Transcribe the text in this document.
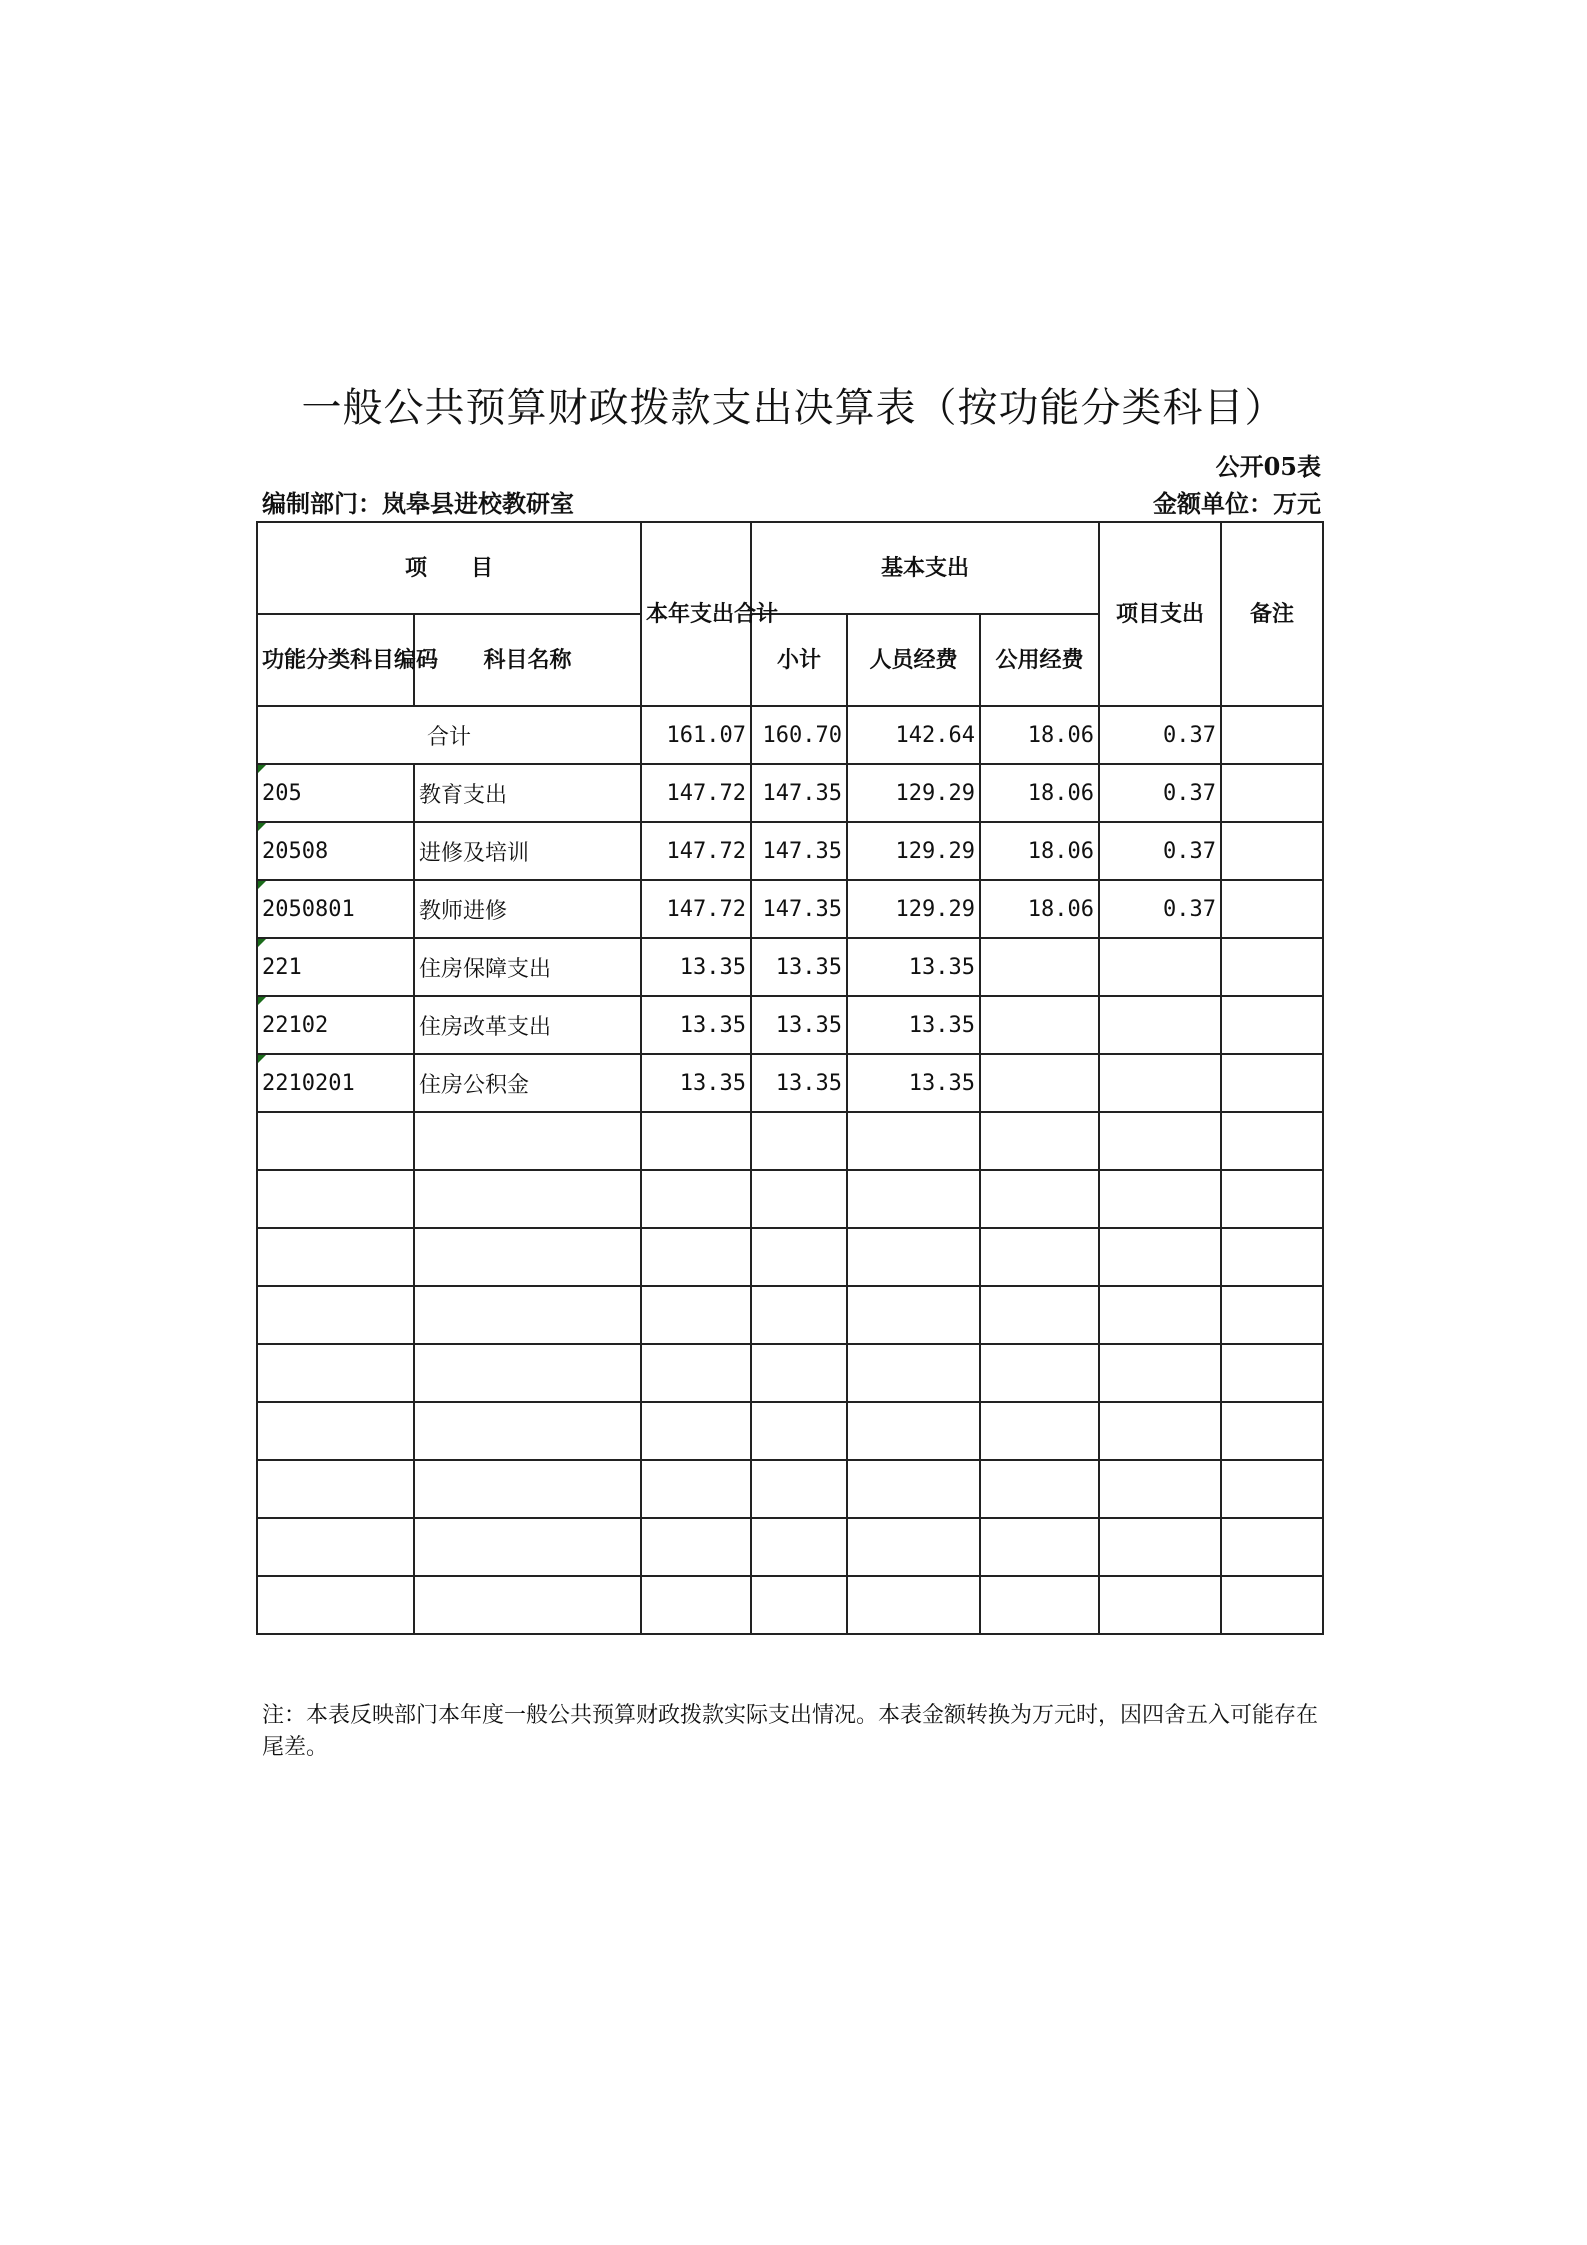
一般公共预算财政拨款支出决算表（按功能分类科目）
公开05表
编制部门：岚皋县进校教研室	金额单位：万元
项　　目		本年支出合计	基本支出			项目支出	备注
功能分类科目编码	科目名称		小计	人员经费	公用经费		
合计		161.07	160.70	142.64	18.06	0.37	

205	教育支出	147.72	147.35	129.29	18.06	0.37	

20508	进修及培训	147.72	147.35	129.29	18.06	0.37	

2050801	教师进修	147.72	147.35	129.29	18.06	0.37	

221	住房保障支出	13.35	13.35	13.35			

22102	住房改革支出	13.35	13.35	13.35			

2210201	住房公积金	13.35	13.35	13.35			

注：本表反映部门本年度一般公共预算财政拨款实际支出情况。本表金额转换为万元时，因四舍五入可能存在尾差。
